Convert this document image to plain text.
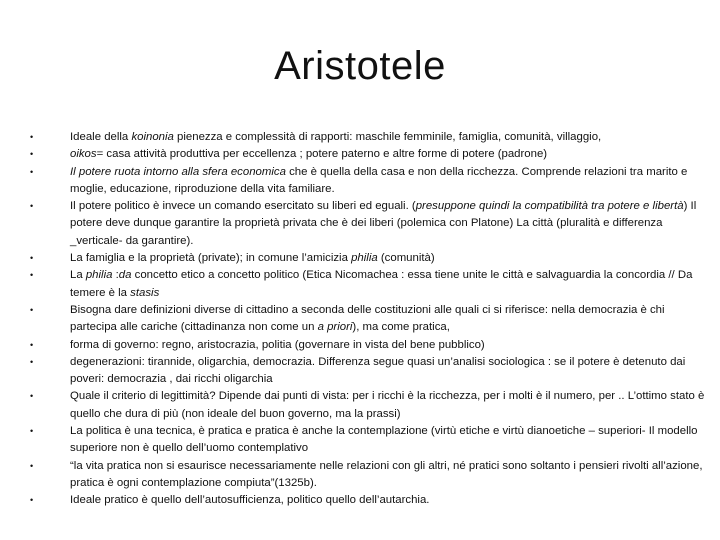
Aristotele
•	Ideale della koinonia pienezza e complessità di rapporti: maschile femminile, famiglia, comunità, villaggio,
•	oikos= casa attività produttiva per eccellenza ; potere paterno e altre forme di potere (padrone)
•	Il potere ruota intorno alla sfera economica che è quella della casa e non della ricchezza. Comprende relazioni tra marito e moglie, educazione, riproduzione della vita familiare.
•	Il potere politico è invece un comando esercitato su liberi ed eguali. (presuppone quindi la compatibilità tra potere e libertà) Il potere deve dunque garantire la proprietà privata che è dei liberi (polemica con Platone) La città (pluralità e differenza _verticale- da garantire).
•	La famiglia e la proprietà (private); in comune l’amicizia philia (comunità)
•	La philia :da concetto etico a concetto politico (Etica Nicomachea : essa tiene unite le città e salvaguardia la concordia // Da temere è la stasis
•	Bisogna dare definizioni diverse di cittadino a seconda delle costituzioni alle quali ci si riferisce: nella democrazia è chi partecipa alle cariche (cittadinanza non come un a priori), ma come pratica,
•	forma di governo: regno, aristocrazia, politia (governare in vista del bene pubblico)
•	degenerazioni: tirannide, oligarchia, democrazia. Differenza segue quasi un’analisi sociologica : se il potere è detenuto dai poveri: democrazia , dai ricchi oligarchia
•	Quale il criterio di legittimità? Dipende dai punti di vista: per i ricchi è la ricchezza, per i molti è il numero, per .. L’ottimo stato è quello che dura di più (non ideale del buon governo, ma la prassi)
•	La politica è una tecnica, è pratica e pratica è anche la contemplazione (virtù etiche e virtù dianoetiche – superiori- Il modello superiore non è quello dell’uomo contemplativo
•	“la vita pratica non si esaurisce necessariamente nelle relazioni con gli altri, né pratici sono soltanto i pensieri rivolti all’azione, pratica è ogni contemplazione compiuta”(1325b).
•	Ideale pratico è quello dell’autosufficienza, politico quello dell’autarchia.
